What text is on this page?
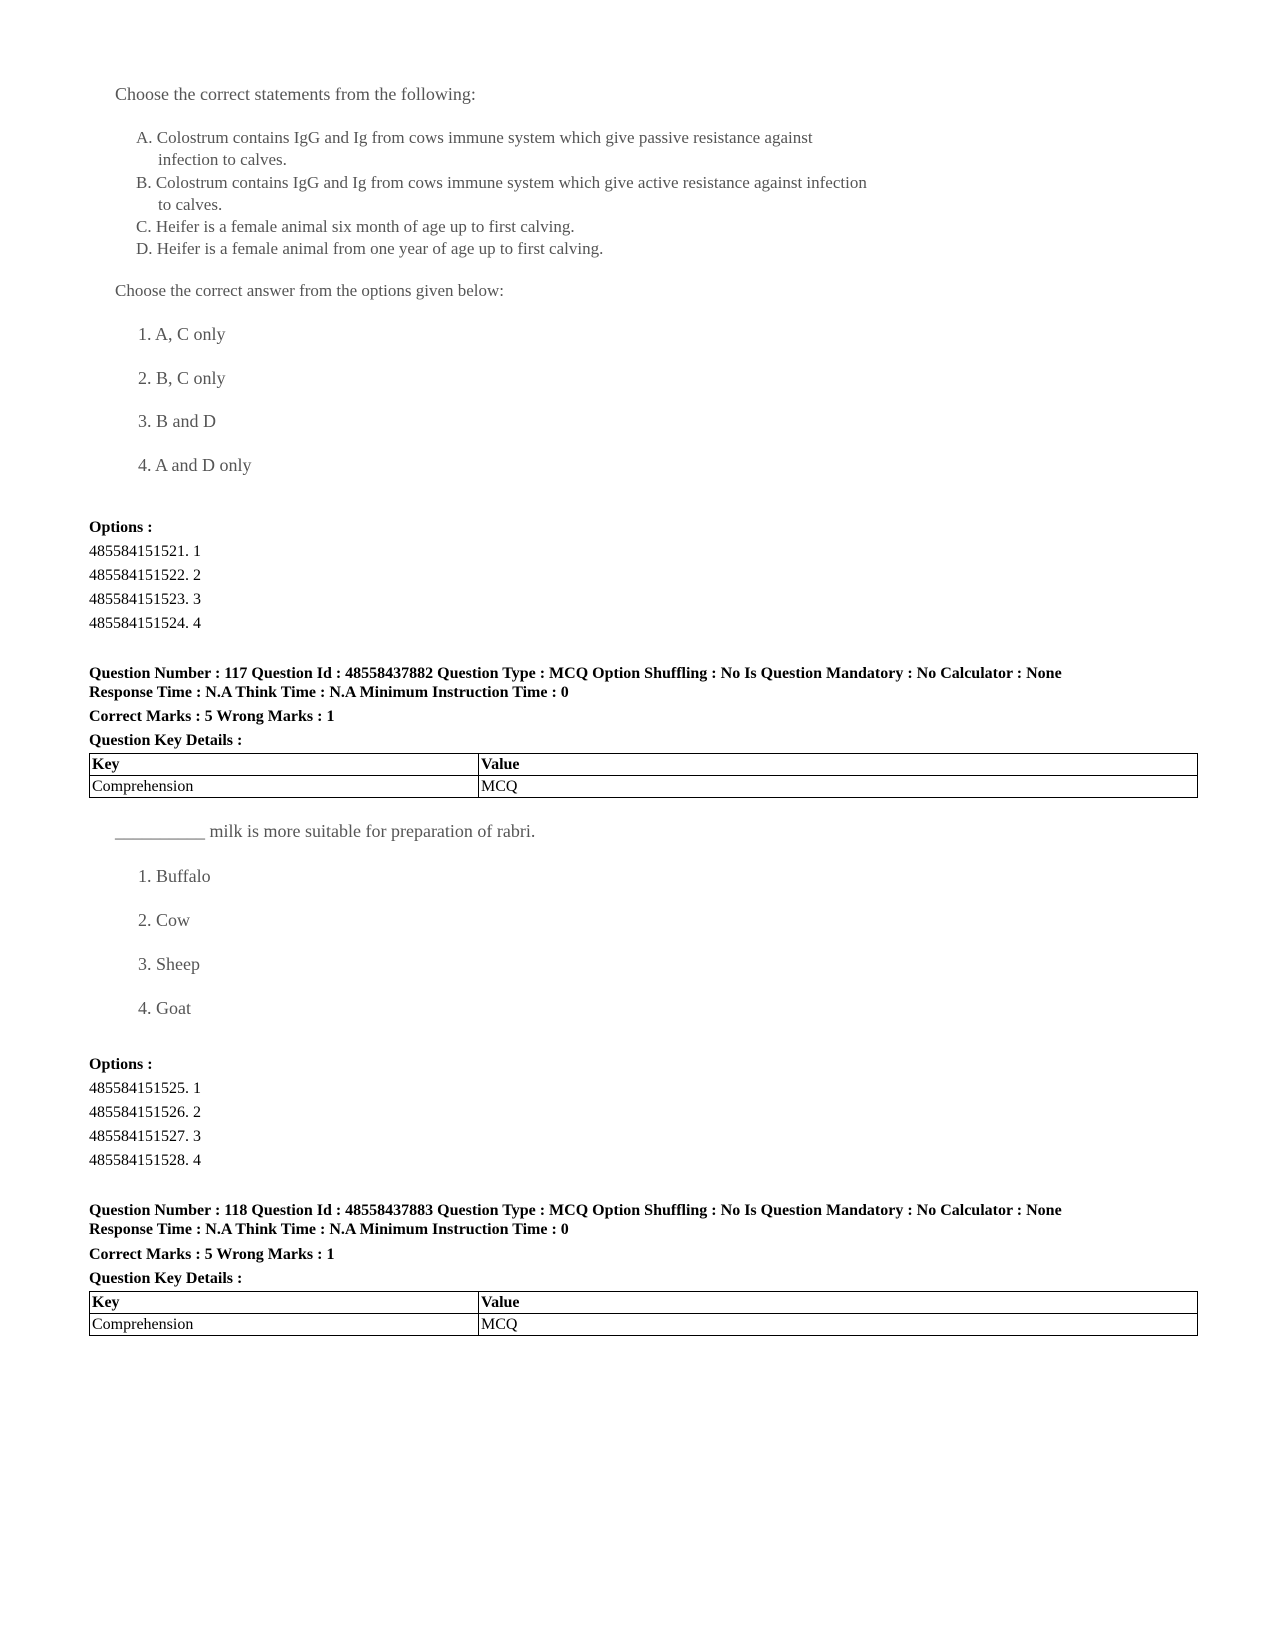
Choose the correct statements from the following:
A. Colostrum contains IgG and Ig from cows immune system which give passive resistance against
infection to calves.
B. Colostrum contains IgG and Ig from cows immune system which give active resistance against infection
to calves.
C. Heifer is a female animal six month of age up to first calving.
D. Heifer is a female animal from one year of age up to first calving.
Choose the correct answer from the options given below:
1. A, C only
2. B, C only
3. B and D
4. A and D only
Options :
485584151521. 1
485584151522. 2
485584151523. 3
485584151524. 4
Question Number : 117 Question Id : 48558437882 Question Type : MCQ Option Shuffling : No Is Question Mandatory : No Calculator : None
Response Time : N.A Think Time : N.A Minimum Instruction Time : 0
Correct Marks : 5 Wrong Marks : 1
Question Key Details :
Key	Value
Comprehension	MCQ
__________ milk is more suitable for preparation of rabri.
1. Buffalo
2. Cow
3. Sheep
4. Goat
Options :
485584151525. 1
485584151526. 2
485584151527. 3
485584151528. 4
Question Number : 118 Question Id : 48558437883 Question Type : MCQ Option Shuffling : No Is Question Mandatory : No Calculator : None
Response Time : N.A Think Time : N.A Minimum Instruction Time : 0
Correct Marks : 5 Wrong Marks : 1
Question Key Details :
Key	Value
Comprehension	MCQ
